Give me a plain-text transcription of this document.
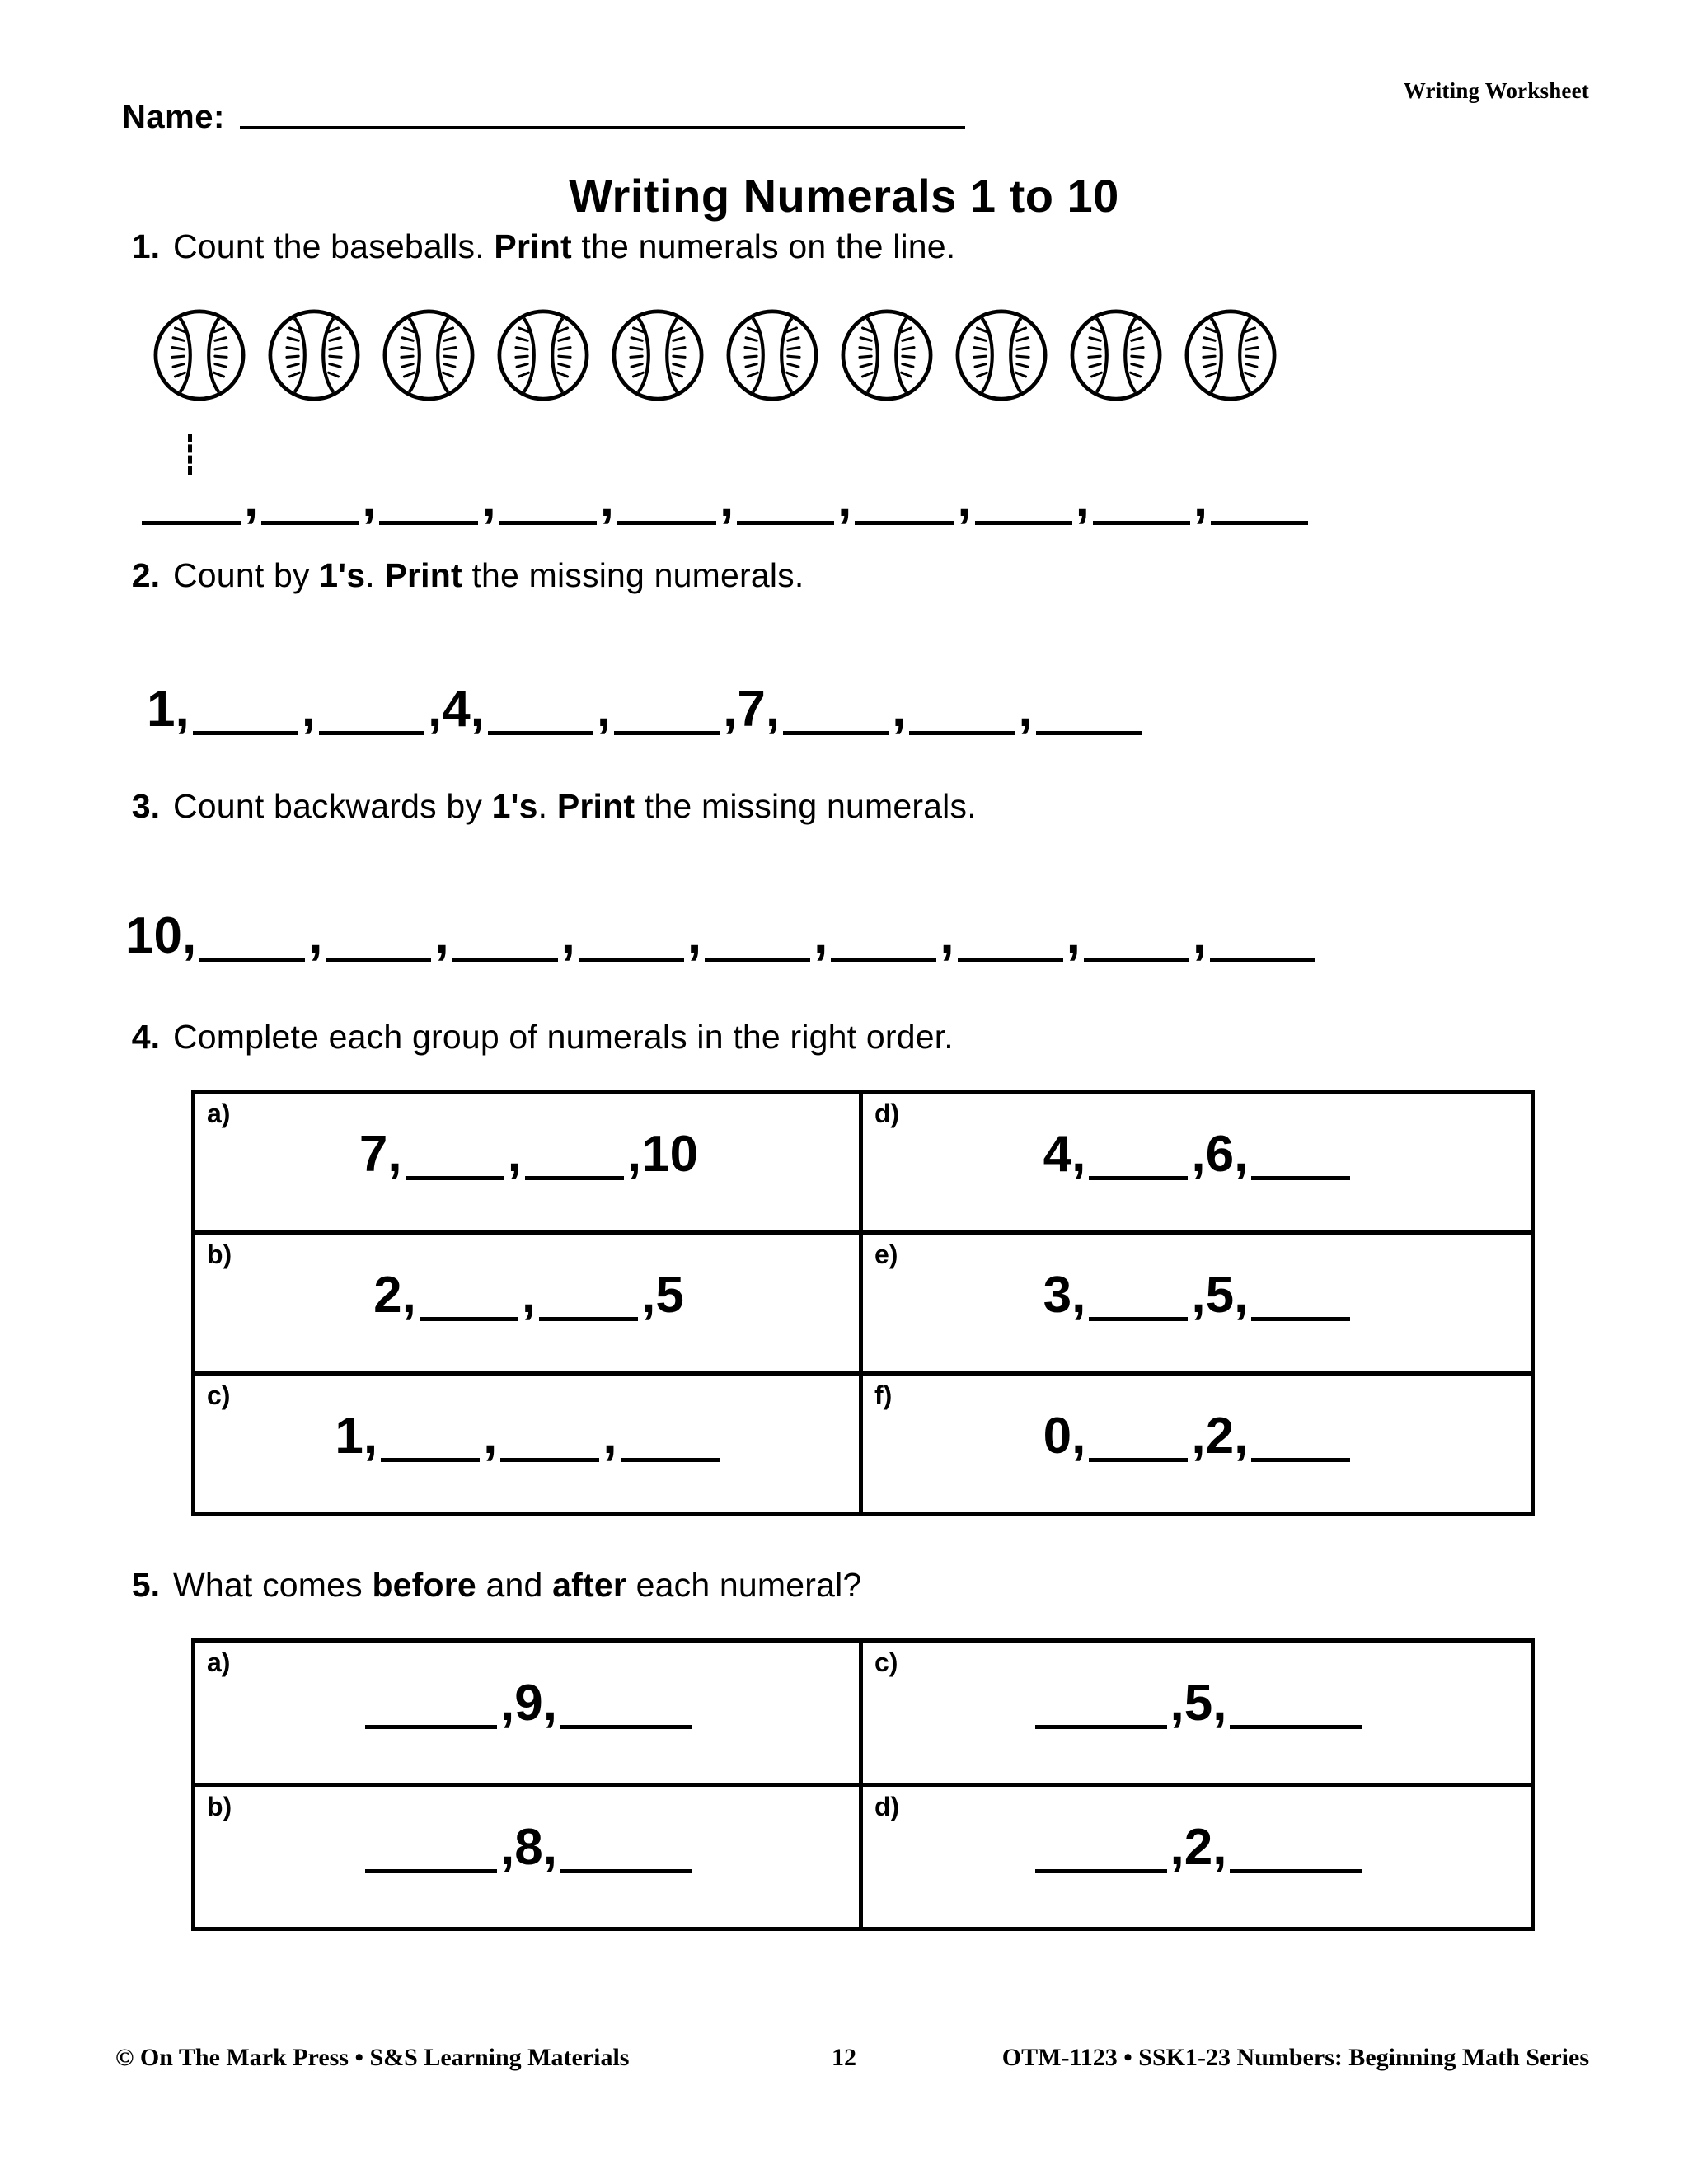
Writing Worksheet
Name:
Writing Numerals 1 to 10
1. Count the baseballs. Print the numerals on the line.
, , , , , , , , ,
2. Count by 1's. Print the missing numerals.
1, , ,4, , ,7, , ,
3. Count backwards by 1's. Print the missing numerals.
10, , , , , , , , ,
4. Complete each group of numerals in the right order.
a)
7, , ,10
d)
4, ,6,
b)
2, , ,5
e)
3, ,5,
c)
1, , ,
f)
0, ,2,
5. What comes before and after each numeral?
a)
,9,
c)
,5,
b)
,8,
d)
,2,
© On The Mark Press • S&S Learning Materials	12	OTM-1123 • SSK1-23 Numbers: Beginning Math Series
